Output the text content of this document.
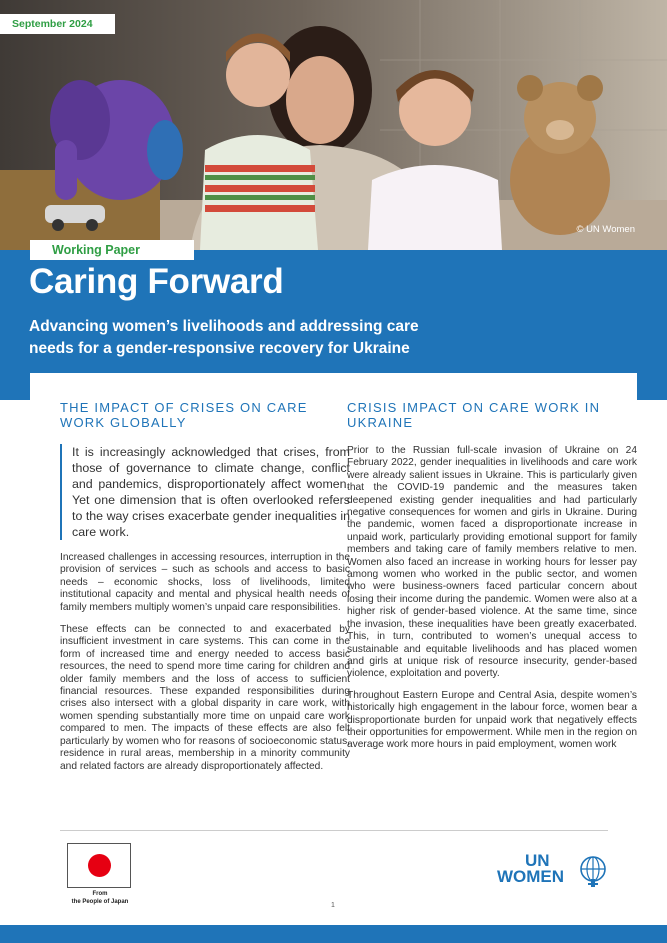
September 2024
© UN Women
Working Paper
Caring Forward

Advancing women’s livelihoods and addressing care needs for a gender-responsive recovery for Ukraine

THE IMPACT OF CRISES ON CARE WORK GLOBALLY

It is increasingly acknowledged that crises, from those of governance to climate change, conflict and pandemics, disproportionately affect women. Yet one dimension that is often overlooked refers to the way crises exacerbate gender inequalities in care work.

Increased challenges in accessing resources, interruption in the provision of services – such as schools and access to basic needs – economic shocks, loss of livelihoods, limited institutional capacity and mental and physical health needs of family members multiply women’s unpaid care responsibilities.

These effects can be connected to and exacerbated by insufficient investment in care systems. This can come in the form of increased time and energy needed to access basic resources, the need to spend more time caring for children and older family members and the loss of access to sufficient financial resources. These expanded responsibilities during crises also intersect with a global disparity in care work, with women spending substantially more time on unpaid care work compared to men. The impacts of these effects are also felt particularly by women who for reasons of socioeconomic status, residence in rural areas, membership in a minority community and related factors are already disproportionately affected.

CRISIS IMPACT ON CARE WORK IN UKRAINE

Prior to the Russian full-scale invasion of Ukraine on 24 February 2022, gender inequalities in livelihoods and care work were already salient issues in Ukraine. This is particularly given that the COVID-19 pandemic and the measures taken deepened existing gender inequalities and had particularly negative consequences for women and girls in Ukraine. During the pandemic, women faced a disproportionate increase in unpaid work, particularly providing emotional support for family members and taking care of family members relative to men. Women also faced an increase in working hours for lesser pay among women who worked in the public sector, and women who were business-owners faced particular concern about losing their income during the pandemic. Women were also at a higher risk of gender-based violence. At the same time, since the invasion, these inequalities have been greatly exacerbated. This, in turn, contributed to women’s unequal access to sustainable and equitable livelihoods and has placed women and girls at unique risk of resource insecurity, gender-based violence, exploitation and poverty.

Throughout Eastern Europe and Central Asia, despite women’s historically high engagement in the labour force, women bear a disproportionate burden for unpaid work that negatively effects their opportunities for empowerment. While men in the region on average work more hours in paid employment, women work

From
the People of Japan	1
UN
WOMEN
